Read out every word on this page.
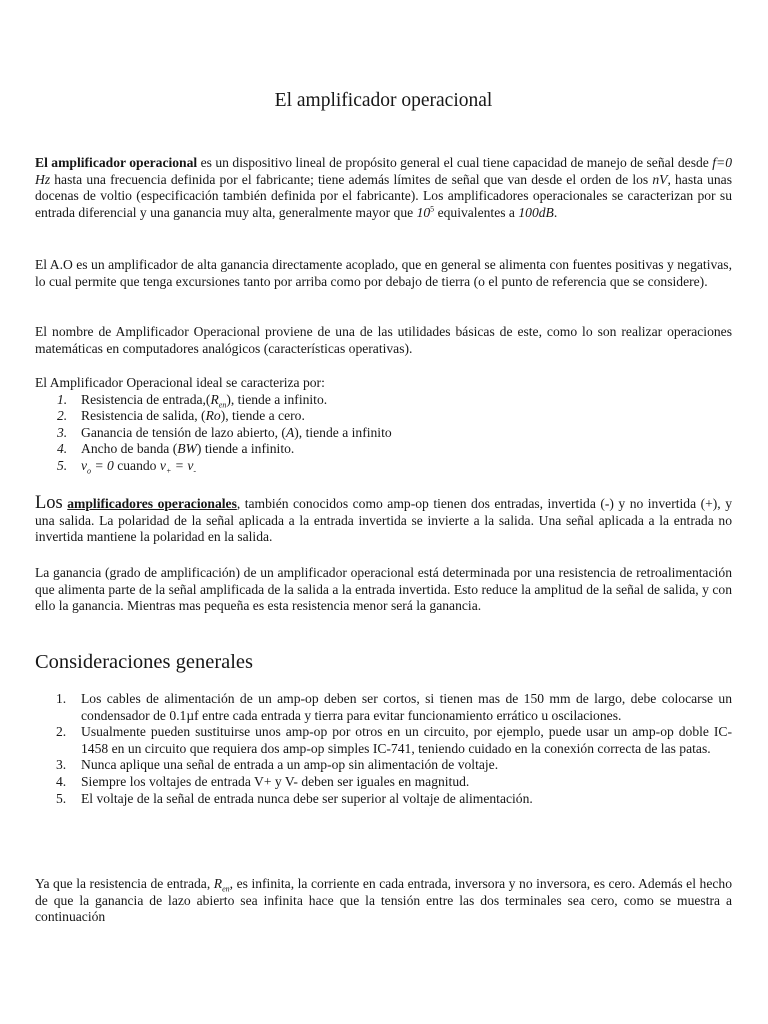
El amplificador operacional

El amplificador operacional es un dispositivo lineal de propósito general el cual tiene capacidad de manejo de señal desde f=0 Hz hasta una frecuencia definida por el fabricante; tiene además límites de señal que van desde el orden de los nV, hasta unas docenas de voltio (especificación también definida por el fabricante). Los amplificadores operacionales se caracterizan por su entrada diferencial y una ganancia muy alta, generalmente mayor que $10^5$ equivalentes a 100dB.

El A.O es un amplificador de alta ganancia directamente acoplado, que en general se alimenta con fuentes positivas y negativas, lo cual permite que tenga excursiones tanto por arriba como por debajo de tierra (o el punto de referencia que se considere).

El nombre de Amplificador Operacional proviene de una de las utilidades básicas de este, como lo son realizar operaciones matemáticas en computadores analógicos (características operativas).

El Amplificador Operacional ideal se caracteriza por:

1. Resistencia de $entrada,(R_{en})$, tiende a infinito.
2. Resistencia de salida, (Ro), tiende a cero.
3. Ganancia de tensión de lazo abierto, (A), tiende a infinito
4. Ancho de banda (BW) tiende a infinito.
5. $v_o = 0$ cuando $v_+ = v_-$

Los amplificadores operacionales, también conocidos como amp-op tienen dos entradas, invertida (-) y no invertida (+), y una salida. La polaridad de la señal aplicada a la entrada invertida se invierte a la salida. Una señal aplicada a la entrada no invertida mantiene la polaridad en la salida.

La ganancia (grado de amplificación) de un amplificador operacional está determinada por una resistencia de retroalimentación que alimenta parte de la señal amplificada de la salida a la entrada invertida. Esto reduce la amplitud de la señal de salida, y con ello la ganancia. Mientras mas pequeña es esta resistencia menor será la ganancia.

Consideraciones generales
1. Los cables de alimentación de un amp-op deben ser cortos, si tienen mas de 150 mm de largo, debe colocarse un condensador de 0.1µf entre cada entrada y tierra para evitar funcionamiento errático u oscilaciones.
2. Usualmente pueden sustituirse unos amp-op por otros en un circuito, por ejemplo, puede usar un amp-op doble IC-1458 en un circuito que requiera dos amp-op simples IC-741, teniendo cuidado en la conexión correcta de las patas.
3. Nunca aplique una señal de entrada a un amp-op sin alimentación de voltaje.
4. Siempre los voltajes de entrada V+ y V- deben ser iguales en magnitud.
5. El voltaje de la señal de entrada nunca debe ser superior al voltaje de alimentación.

Ya que la resistencia de entrada, $R_{en}$, es infinita, la corriente en cada entrada, inversora y no inversora, es cero. Además el hecho de que la ganancia de lazo abierto sea infinita hace que la tensión entre las dos terminales sea cero, como se muestra a continuación
